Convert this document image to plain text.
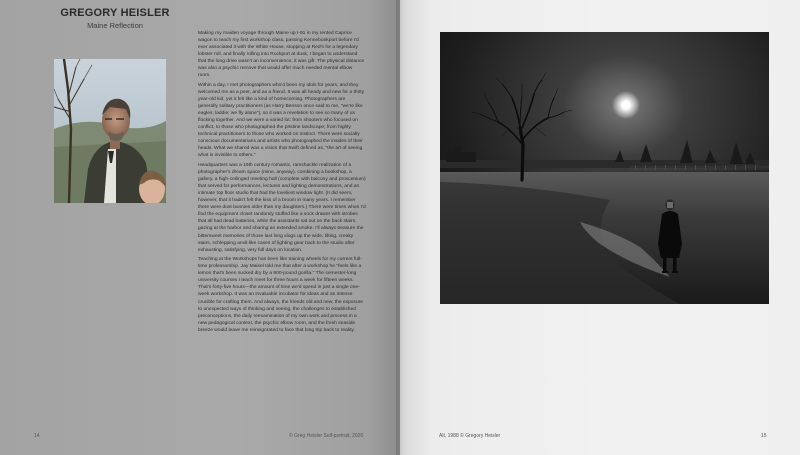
GREGORY HEISLER
Maine Reflection

Making my maiden voyage through Maine up I-91 in my rented Caprice wagon to teach my first workshop class, passing Kennebunkport before I'd ever associated it with the White House, stopping at Red's for a legendary lobster roll, and finally rolling into Rockport at dusk, I began to understand that the long drive wasn't an inconvenience, it was gift. The physical distance was also a psychic remove that would offer much needed mental elbow room.

Within a day, I met photographers who'd been my idols for years, and they welcomed me as a peer, and as a friend. It was all heady and new for a thirty year-old kid, yet it felt like a kind of homecoming. Photographers are generally solitary practitioners (as Harry Benson once said to me, "we're like eagles, laddie; we fly alone"), so it was a revelation to see so many of us flocking together. And we were a varied lot: from shooters who focused on conflict, to those who photographed the pristine landscape; from highly technical practitioners to those who worked on instinct. There were socially conscious documentarians and artists who photographed the insides of their heads. What we shared was a vision that Swift defined as, "the art of seeing what is invisible to others."

Headquarters was a 19th century romantic, ramshackle realization of a photographer's dream space (mine, anyway), combining a bookshop, a gallery, a high-ceilinged meeting hall (complete with balcony and proscenium) that served for performances, lectures and lighting demonstrations, and an intimate top floor studio that had the loveliest window light. (It did seem, however, that it hadn't felt the kiss of a broom in many years. I remember there were dust bunnies older than my daughters.) There were times when I'd find the equipment closet randomly stuffed like a sock drawer with strobes that all had dead batteries, while the assistants sat out on the back stairs, gazing at the harbor and sharing an extended smoke. I'll always treasure the bittersweet memories of those last long slogs up the wide, tilting, creaky stairs, schlepping anvil-like cases of lighting gear back to the studio after exhausting, satisfying, very full days on location.

Teaching at the Workshops has been like training wheels for my current full-time professorship. Jay Maisel told me that after a workshop he "feels like a lemon that's been sucked dry by a 900-pound gorilla." The semester-long university courses I teach meet for three hours a week for fifteen weeks. That's forty-five hours—the amount of time we'd spend in just a single one-week workshop. It was an invaluable incubator for ideas and an intense crucible for crafting them. And always, the friends old and new, the exposure to unexpected ways of thinking and seeing, the challenges to established preconceptions, the daily reexamination of my own work and process in a new pedagogical context, the psychic elbow room, and the fresh seaside breeze would leave me reinvigorated to face that long trip back to reality.

14	© Greg Heisler Self-portrait, 2020	Alt, 1988 © Gregory Heisler	15
